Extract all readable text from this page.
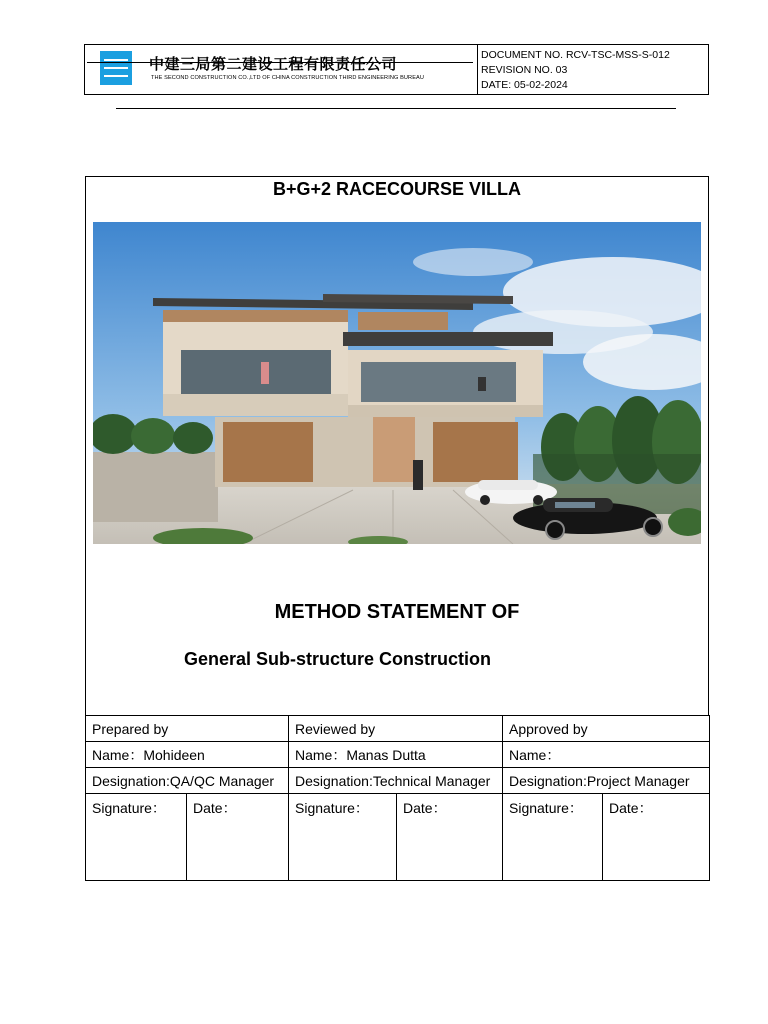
中建三局第二建设工程有限责任公司
THE SECOND CONSTRUCTION CO.,LTD OF CHINA CONSTRUCTION THIRD ENGINEERING BUREAU
DOCUMENT NO. RCV-TSC-MSS-S-012
REVISION NO. 03
DATE: 05-02-2024
B+G+2 RACECOURSE VILLA
METHOD STATEMENT OF
General Sub-structure Construction
Prepared by		Reviewed by		Approved by	
Name：Mohideen		Name：Manas Dutta		Name：	
Designation:QA/QC Manager		Designation:Technical Manager		Designation:Project Manager	
Signature：	Date：	Signature：	Date：	Signature：	Date：
